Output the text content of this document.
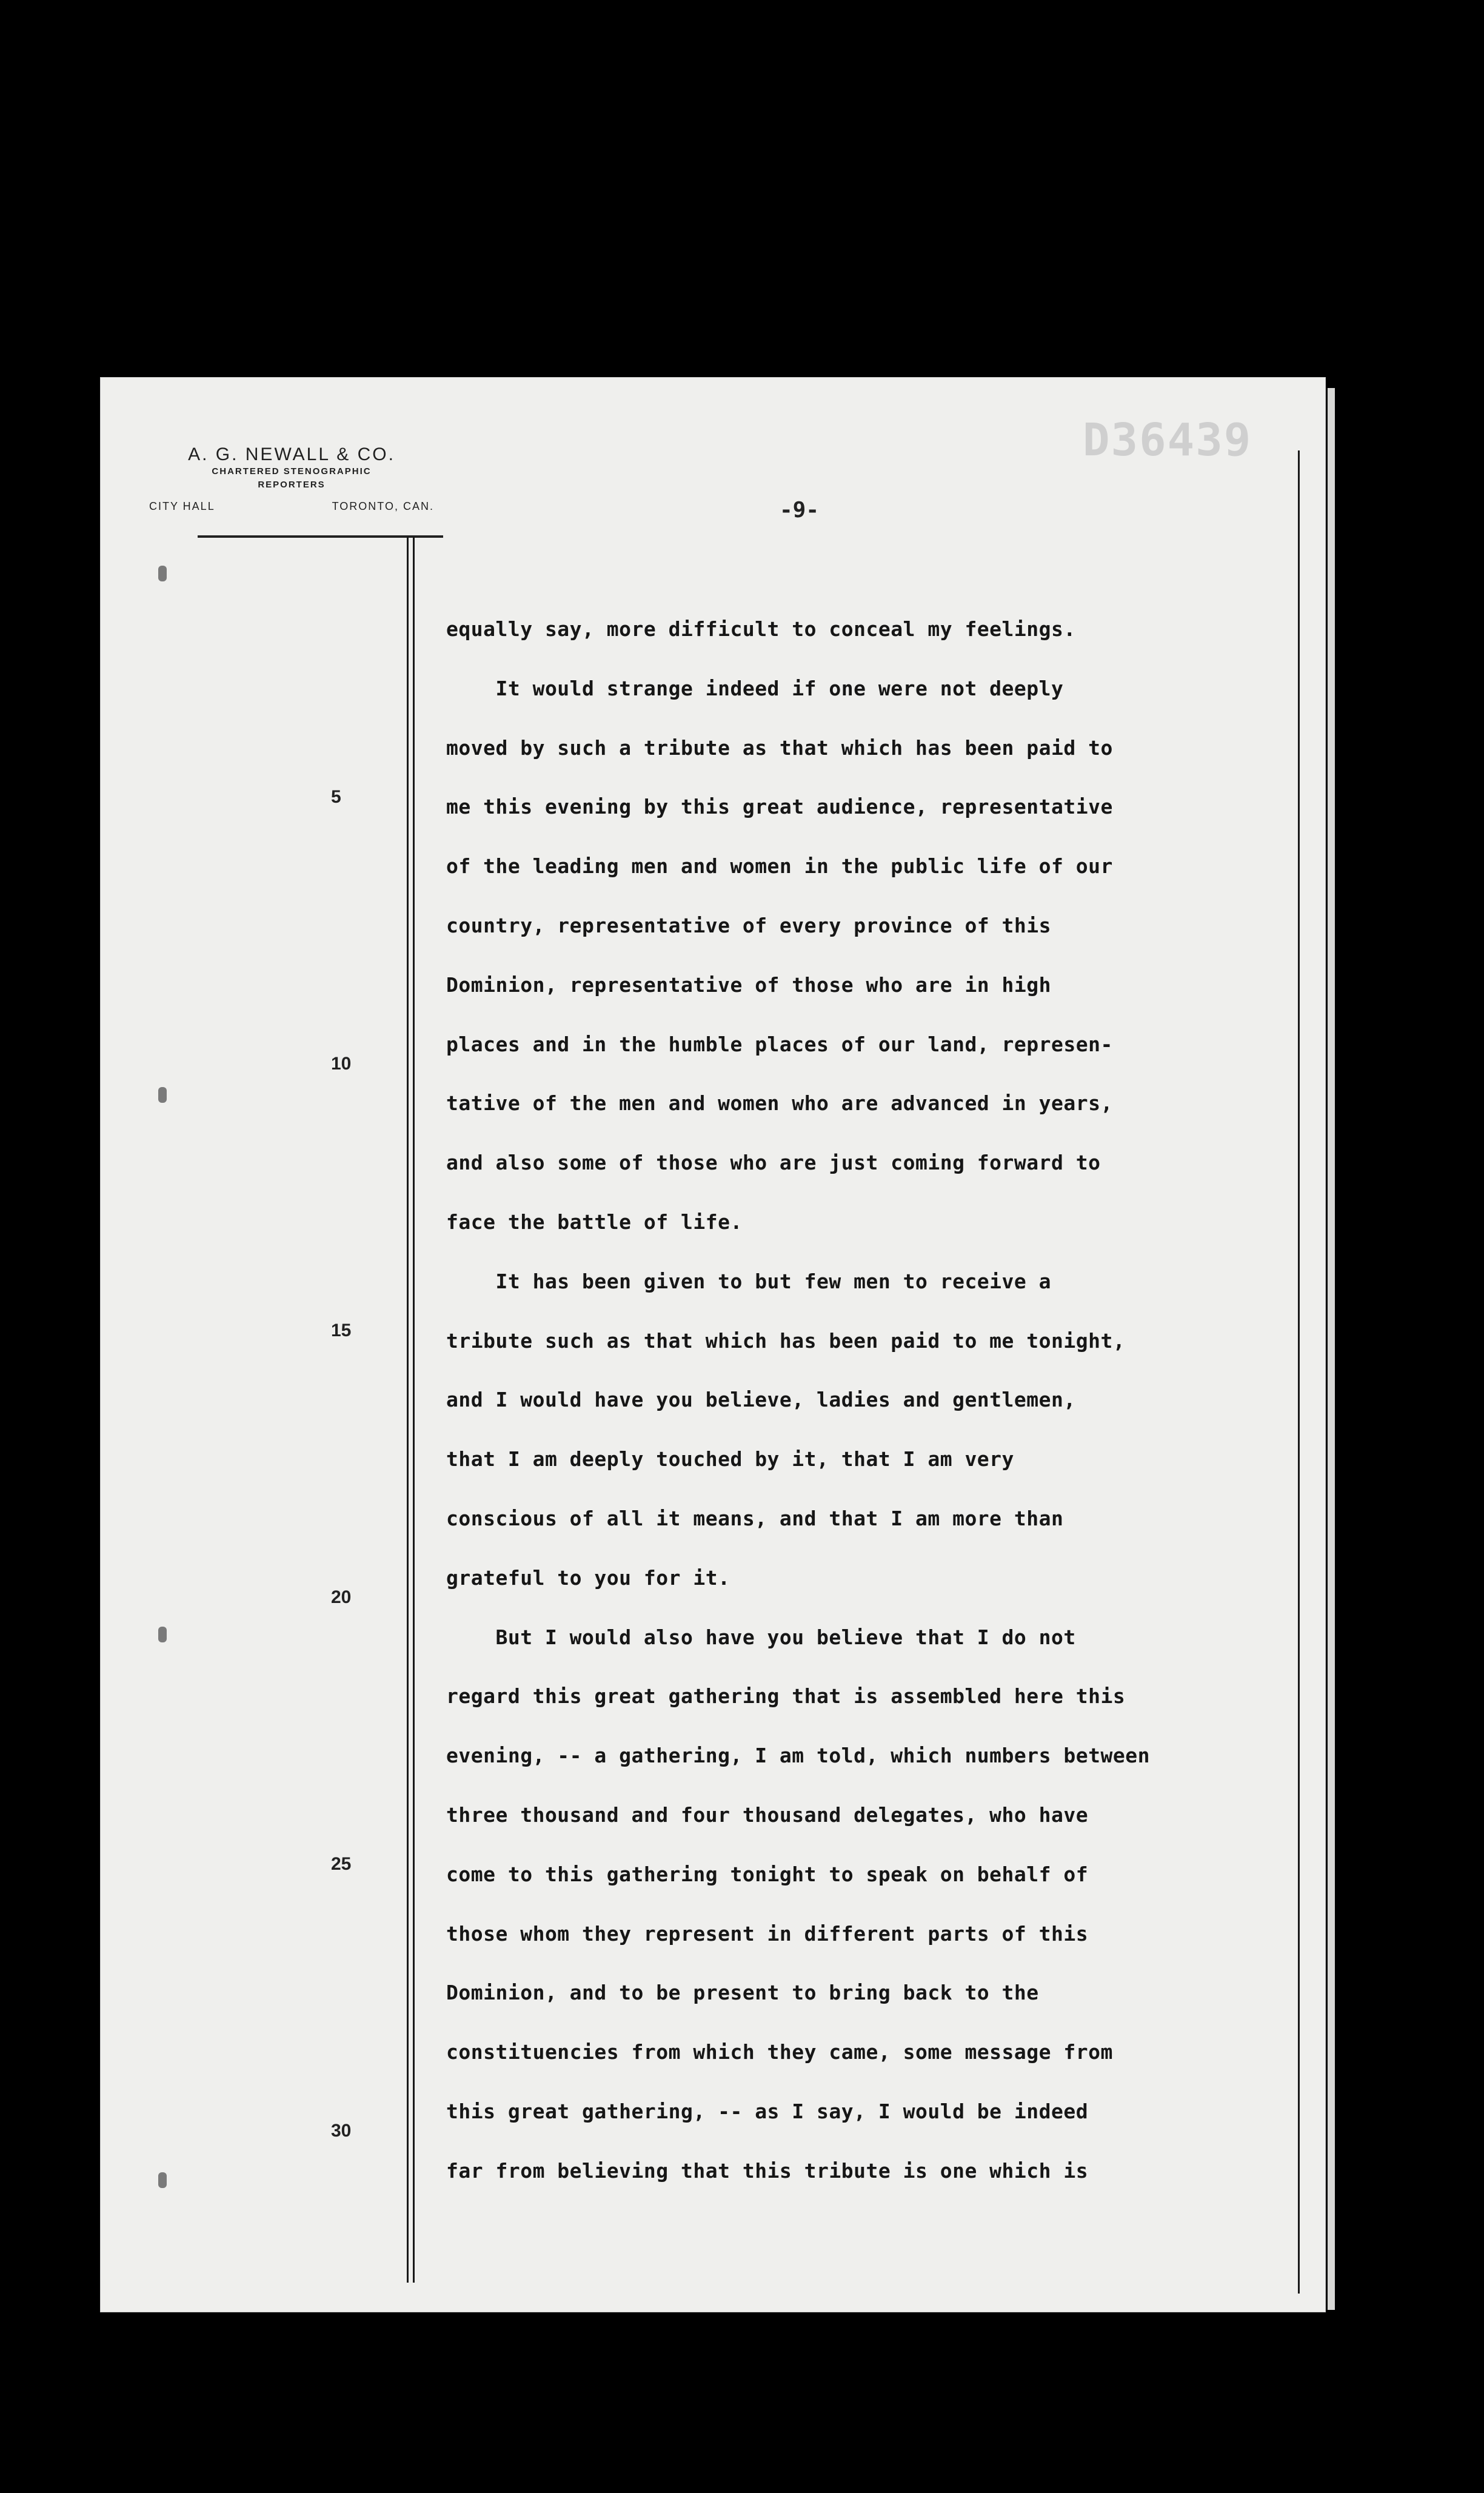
A. G. NEWALL & CO.
CHARTERED STENOGRAPHIC
REPORTERS
CITY HALL	TORONTO, CAN.
D36439
-9-
5
10
15
20
25
30
equally say, more difficult to conceal my feelings.
It would strange indeed if one were not deeply
moved by such a tribute as that which has been paid to
me this evening by this great audience, representative
of the leading men and women in the public life of our
country, representative of every province of this
Dominion, representative of those who are in high
places and in the humble places of our land, represen-
tative of the men and women who are advanced in years,
and also some of those who are just coming forward to
face the battle of life.
It has been given to but few men to receive a
tribute such as that which has been paid to me tonight,
and I would have you believe, ladies and gentlemen,
that I am deeply touched by it, that I am very
conscious of all it means, and that I am more than
grateful to you for it.
But I would also have you believe that I do not
regard this great gathering that is assembled here this
evening, -- a gathering, I am told, which numbers between
three thousand and four thousand delegates, who have
come to this gathering tonight to speak on behalf of
those whom they represent in different parts of this
Dominion, and to be present to bring back to the
constituencies from which they came, some message from
this great gathering, -- as I say, I would be indeed
far from believing that this tribute is one which is
